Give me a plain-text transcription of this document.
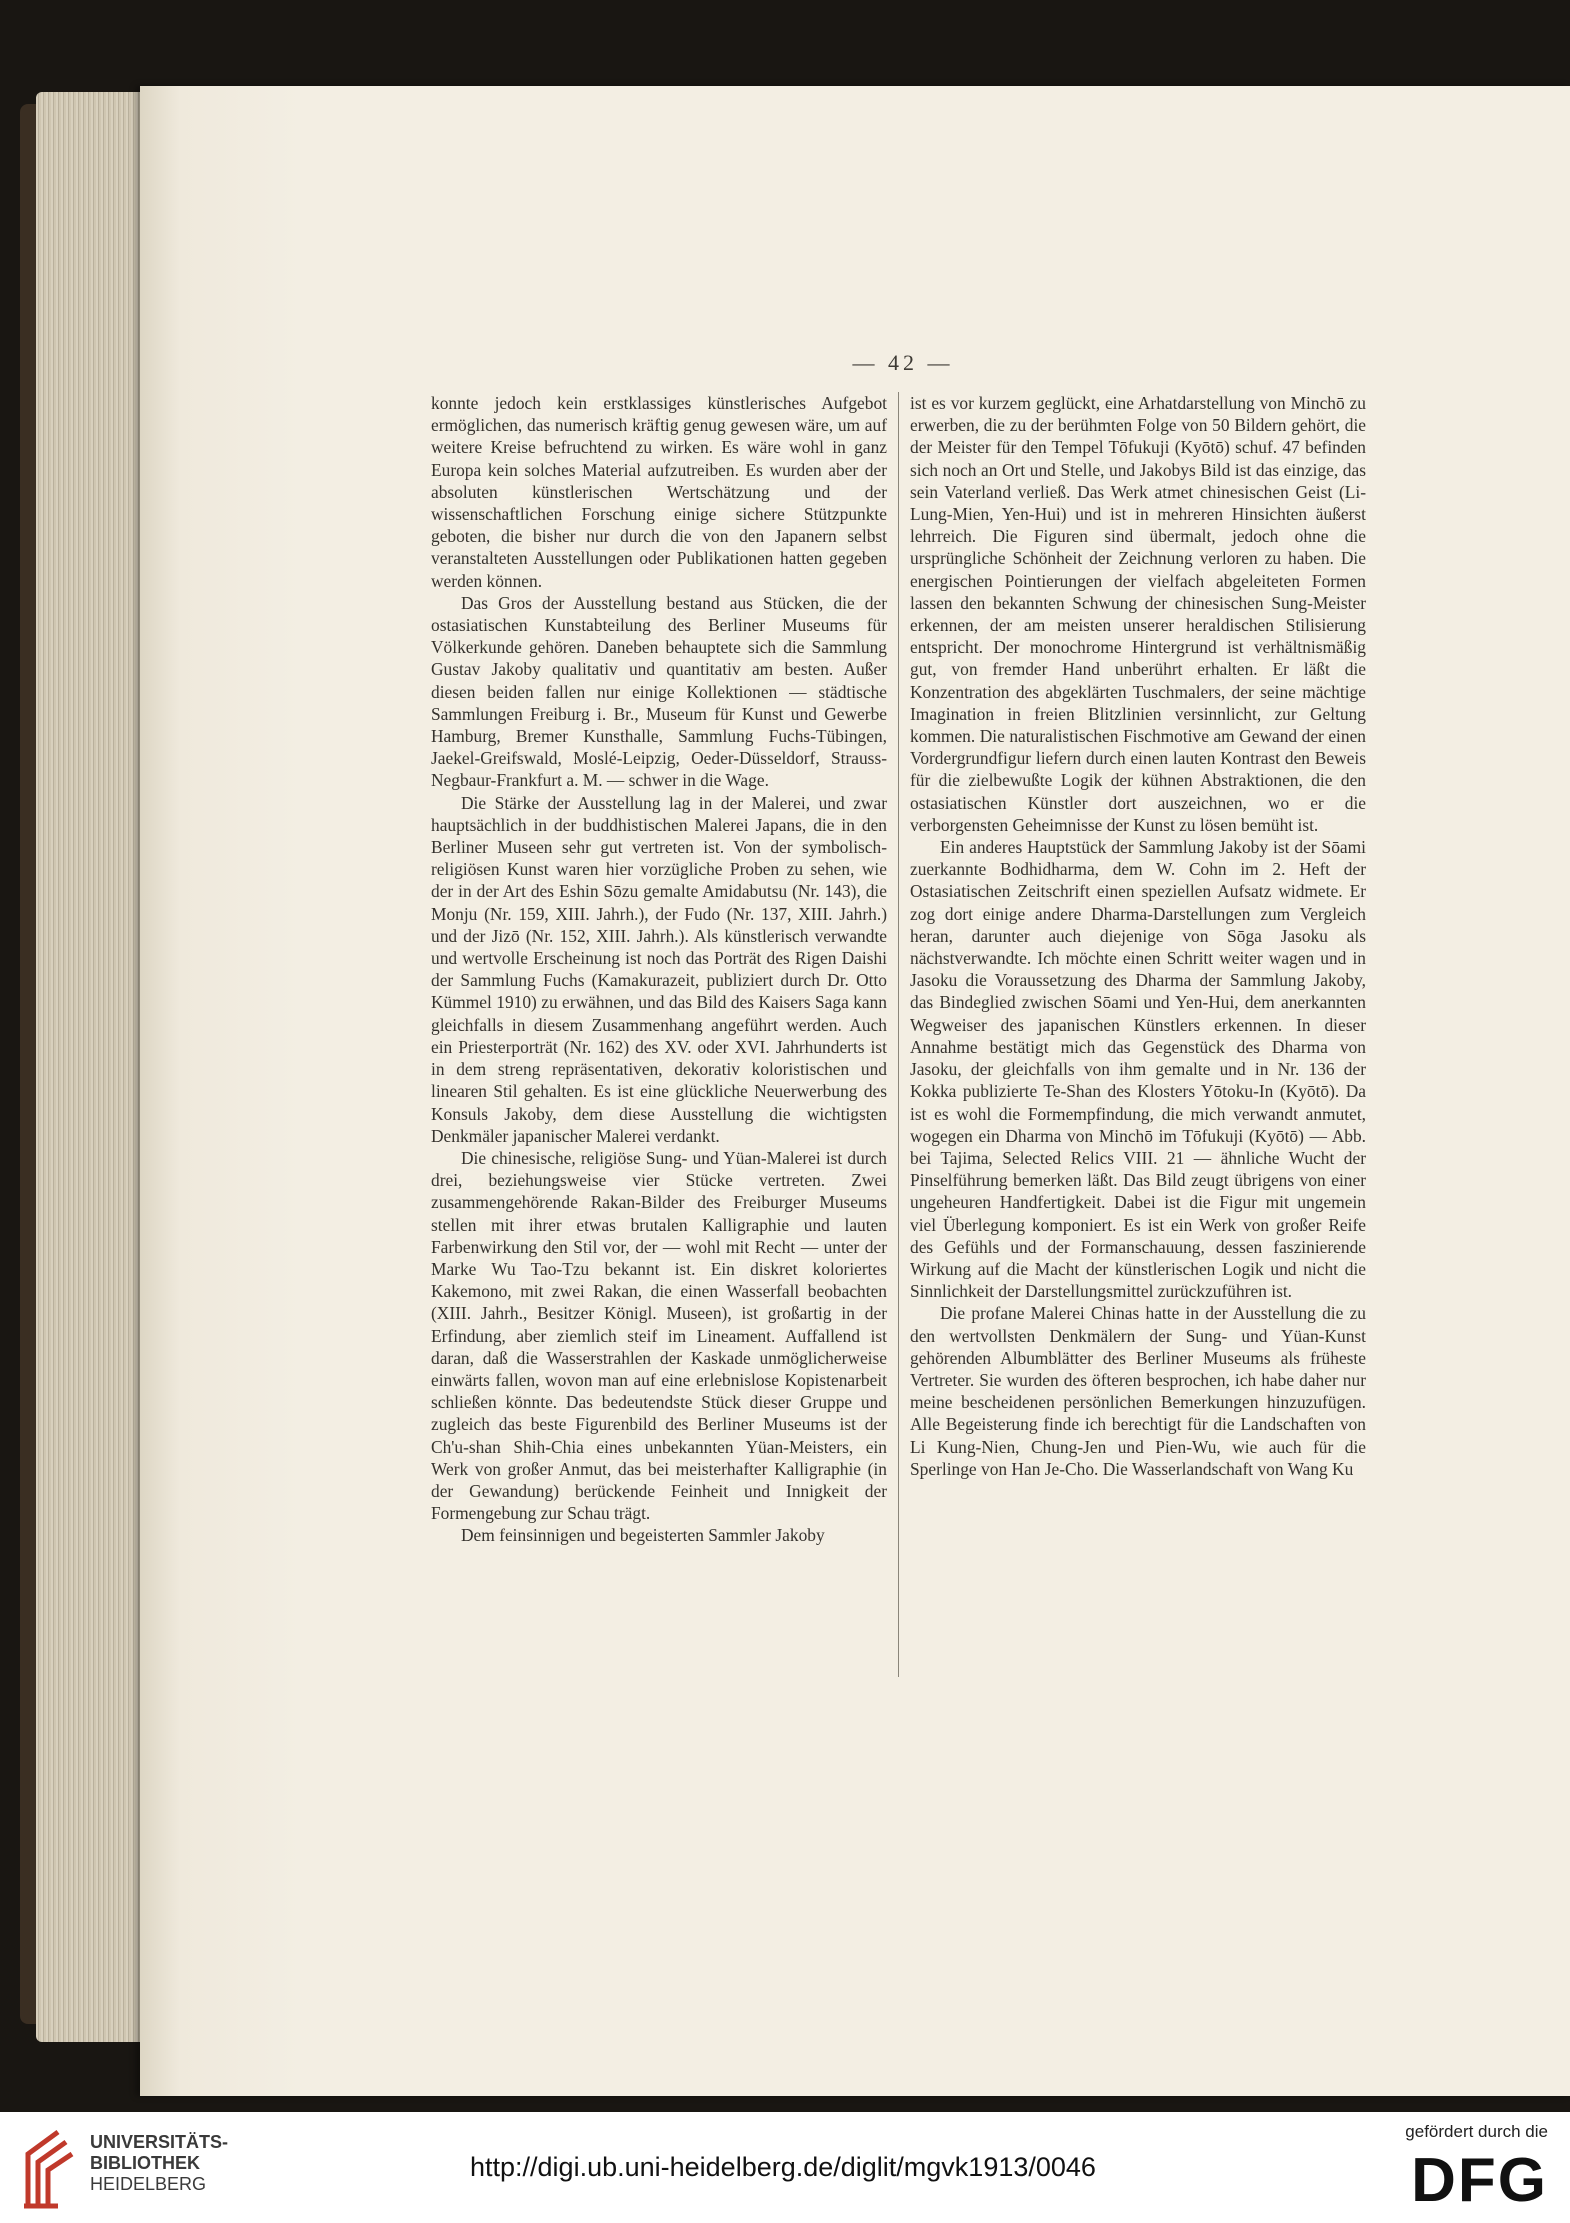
— 42 —

konnte jedoch kein erstklassiges künstlerisches Aufgebot ermöglichen, das numerisch kräftig genug gewesen wäre, um auf weitere Kreise befruchtend zu wirken. Es wäre wohl in ganz Europa kein solches Material aufzutreiben. Es wurden aber der absoluten künstlerischen Wertschätzung und der wissenschaftlichen Forschung einige sichere Stützpunkte geboten, die bisher nur durch die von den Japanern selbst veranstalteten Ausstellungen oder Publikationen hatten gegeben werden können.

Das Gros der Ausstellung bestand aus Stücken, die der ostasiatischen Kunstabteilung des Berliner Museums für Völkerkunde gehören. Daneben behauptete sich die Sammlung Gustav Jakoby qualitativ und quantitativ am besten. Außer diesen beiden fallen nur einige Kollektionen — städtische Sammlungen Freiburg i. Br., Museum für Kunst und Gewerbe Hamburg, Bremer Kunsthalle, Sammlung Fuchs-Tübingen, Jaekel-Greifswald, Moslé-Leipzig, Oeder-Düsseldorf, Strauss-Negbaur-Frankfurt a. M. — schwer in die Wage.

Die Stärke der Ausstellung lag in der Malerei, und zwar hauptsächlich in der buddhistischen Malerei Japans, die in den Berliner Museen sehr gut vertreten ist. Von der symbolisch-religiösen Kunst waren hier vorzügliche Proben zu sehen, wie der in der Art des Eshin Sōzu gemalte Amidabutsu (Nr. 143), die Monju (Nr. 159, XIII. Jahrh.), der Fudo (Nr. 137, XIII. Jahrh.) und der Jizō (Nr. 152, XIII. Jahrh.). Als künstlerisch verwandte und wertvolle Erscheinung ist noch das Porträt des Rigen Daishi der Sammlung Fuchs (Kamakurazeit, publiziert durch Dr. Otto Kümmel 1910) zu erwähnen, und das Bild des Kaisers Saga kann gleichfalls in diesem Zusammenhang angeführt werden. Auch ein Priesterporträt (Nr. 162) des XV. oder XVI. Jahrhunderts ist in dem streng repräsentativen, dekorativ koloristischen und linearen Stil gehalten. Es ist eine glückliche Neuerwerbung des Konsuls Jakoby, dem diese Ausstellung die wichtigsten Denkmäler japanischer Malerei verdankt.

Die chinesische, religiöse Sung- und Yüan-Malerei ist durch drei, beziehungsweise vier Stücke vertreten. Zwei zusammengehörende Rakan-Bilder des Freiburger Museums stellen mit ihrer etwas brutalen Kalligraphie und lauten Farbenwirkung den Stil vor, der — wohl mit Recht — unter der Marke Wu Tao-Tzu bekannt ist. Ein diskret koloriertes Kakemono, mit zwei Rakan, die einen Wasserfall beobachten (XIII. Jahrh., Besitzer Königl. Museen), ist großartig in der Erfindung, aber ziemlich steif im Lineament. Auffallend ist daran, daß die Wasserstrahlen der Kaskade unmöglicherweise einwärts fallen, wovon man auf eine erlebnislose Kopistenarbeit schließen könnte. Das bedeutendste Stück dieser Gruppe und zugleich das beste Figurenbild des Berliner Museums ist der Ch'u-shan Shih-Chia eines unbekannten Yüan-Meisters, ein Werk von großer Anmut, das bei meisterhafter Kalligraphie (in der Gewandung) berückende Feinheit und Innigkeit der Formengebung zur Schau trägt.

Dem feinsinnigen und begeisterten Sammler Jakoby

ist es vor kurzem geglückt, eine Arhatdarstellung von Minchō zu erwerben, die zu der berühmten Folge von 50 Bildern gehört, die der Meister für den Tempel Tōfukuji (Kyōtō) schuf. 47 befinden sich noch an Ort und Stelle, und Jakobys Bild ist das einzige, das sein Vaterland verließ. Das Werk atmet chinesischen Geist (Li-Lung-Mien, Yen-Hui) und ist in mehreren Hinsichten äußerst lehrreich. Die Figuren sind übermalt, jedoch ohne die ursprüngliche Schönheit der Zeichnung verloren zu haben. Die energischen Pointierungen der vielfach abgeleiteten Formen lassen den bekannten Schwung der chinesischen Sung-Meister erkennen, der am meisten unserer heraldischen Stilisierung entspricht. Der monochrome Hintergrund ist verhältnismäßig gut, von fremder Hand unberührt erhalten. Er läßt die Konzentration des abgeklärten Tuschmalers, der seine mächtige Imagination in freien Blitzlinien versinnlicht, zur Geltung kommen. Die naturalistischen Fischmotive am Gewand der einen Vordergrundfigur liefern durch einen lauten Kontrast den Beweis für die zielbewußte Logik der kühnen Abstraktionen, die den ostasiatischen Künstler dort auszeichnen, wo er die verborgensten Geheimnisse der Kunst zu lösen bemüht ist.

Ein anderes Hauptstück der Sammlung Jakoby ist der Sōami zuerkannte Bodhidharma, dem W. Cohn im 2. Heft der Ostasiatischen Zeitschrift einen speziellen Aufsatz widmete. Er zog dort einige andere Dharma-Darstellungen zum Vergleich heran, darunter auch diejenige von Sōga Jasoku als nächstverwandte. Ich möchte einen Schritt weiter wagen und in Jasoku die Voraussetzung des Dharma der Sammlung Jakoby, das Bindeglied zwischen Sōami und Yen-Hui, dem anerkannten Wegweiser des japanischen Künstlers erkennen. In dieser Annahme bestätigt mich das Gegenstück des Dharma von Jasoku, der gleichfalls von ihm gemalte und in Nr. 136 der Kokka publizierte Te-Shan des Klosters Yōtoku-In (Kyōtō). Da ist es wohl die Formempfindung, die mich verwandt anmutet, wogegen ein Dharma von Minchō im Tōfukuji (Kyōtō) — Abb. bei Tajima, Selected Relics VIII. 21 — ähnliche Wucht der Pinselführung bemerken läßt. Das Bild zeugt übrigens von einer ungeheuren Handfertigkeit. Dabei ist die Figur mit ungemein viel Überlegung komponiert. Es ist ein Werk von großer Reife des Gefühls und der Formanschauung, dessen faszinierende Wirkung auf die Macht der künstlerischen Logik und nicht die Sinnlichkeit der Darstellungsmittel zurückzuführen ist.

Die profane Malerei Chinas hatte in der Ausstellung die zu den wertvollsten Denkmälern der Sung- und Yüan-Kunst gehörenden Albumblätter des Berliner Museums als früheste Vertreter. Sie wurden des öfteren besprochen, ich habe daher nur meine bescheidenen persönlichen Bemerkungen hinzuzufügen. Alle Begeisterung finde ich berechtigt für die Landschaften von Li Kung-Nien, Chung-Jen und Pien-Wu, wie auch für die Sperlinge von Han Je-Cho. Die Wasserlandschaft von Wang Ku

UNIVERSITÄTS-
BIBLIOTHEK
HEIDELBERG
http://digi.ub.uni-heidelberg.de/diglit/mgvk1913/0046
gefördert durch die
DFG
